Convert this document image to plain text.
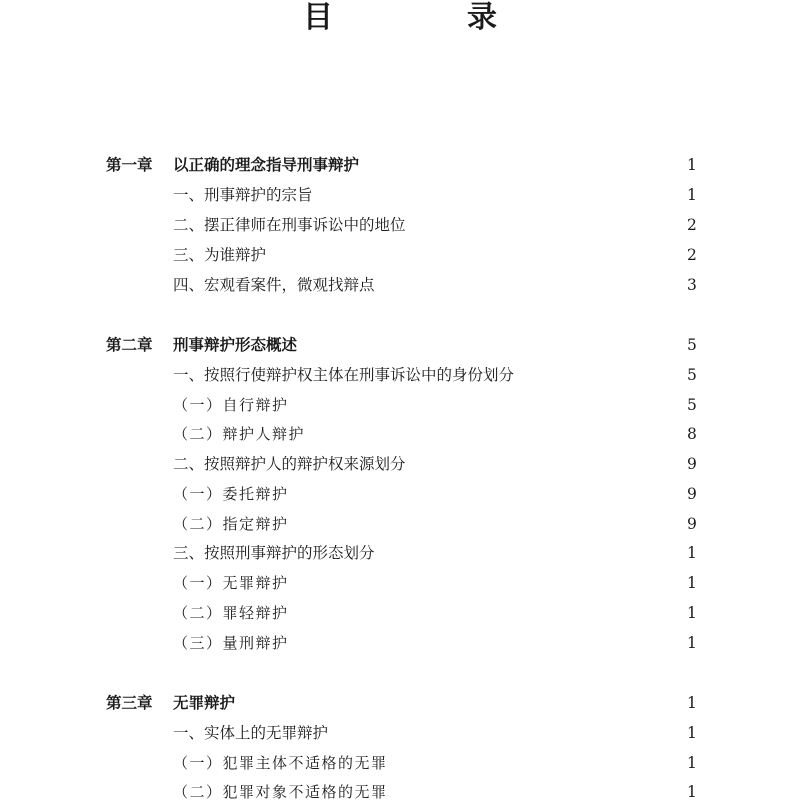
目　录
第一章 以正确的理念指导刑事辩护	1
一、刑事辩护的宗旨	1
二、摆正律师在刑事诉讼中的地位	2
三、为谁辩护	2
四、宏观看案件，微观找辩点	3
第二章 刑事辩护形态概述	5
一、按照行使辩护权主体在刑事诉讼中的身份划分	5
（一）自行辩护	5
（二）辩护人辩护	8
二、按照辩护人的辩护权来源划分	9
（一）委托辩护	9
（二）指定辩护	9
三、按照刑事辩护的形态划分	1
（一）无罪辩护	1
（二）罪轻辩护	1
（三）量刑辩护	1
第三章 无罪辩护	1
一、实体上的无罪辩护	1
（一）犯罪主体不适格的无罪	1
（二）犯罪对象不适格的无罪	1
